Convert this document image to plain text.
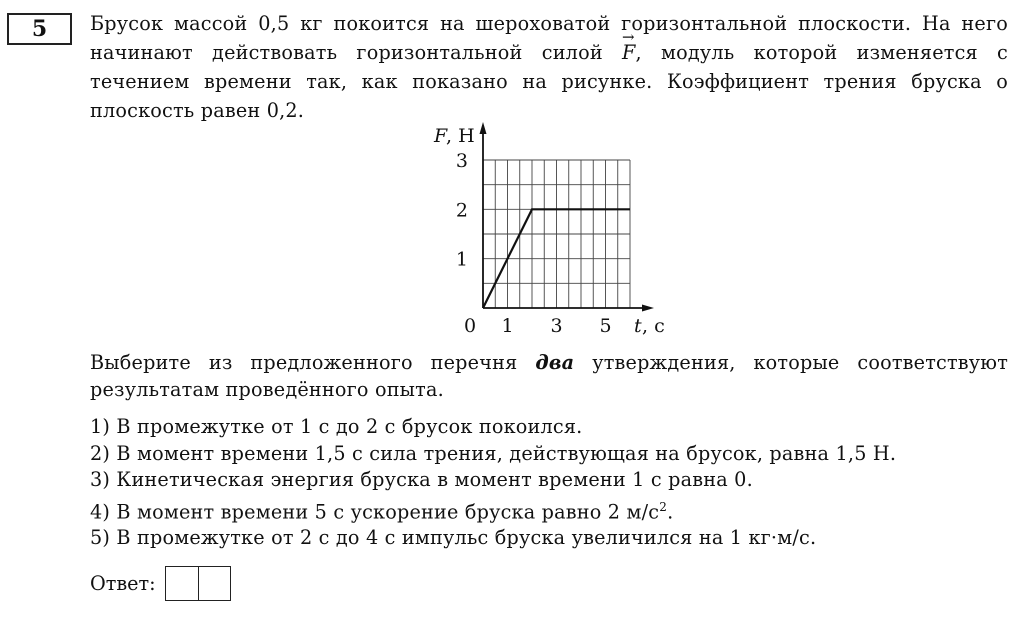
5	Брусок массой 0,5 кг покоится на шероховатой горизонтальной плоскости. На него начинают действовать горизонтальной силой → F, модуль которой изменяется с течением времени так, как показано на рисунке. Коэффициент трения бруска о плоскость равен 0,2.
1 3 5
1
2
3
F
, Н
t , с
0
Выберите из предложенного перечня два утверждения, которые соответствуют результатам проведённого опыта.
1) В промежутке от 1 с до 2 с брусок покоился.
2) В момент времени 1,5 с сила трения, действующая на брусок, равна 1,5 Н.
3) Кинетическая энергия бруска в момент времени 1 с равна 0.
4) В момент времени 5 с ускорение бруска равно 2 $м/с^2$.
5) В промежутке от 2 с до 4 с импульс бруска увеличился на 1 кг·м/с.
Ответ:
